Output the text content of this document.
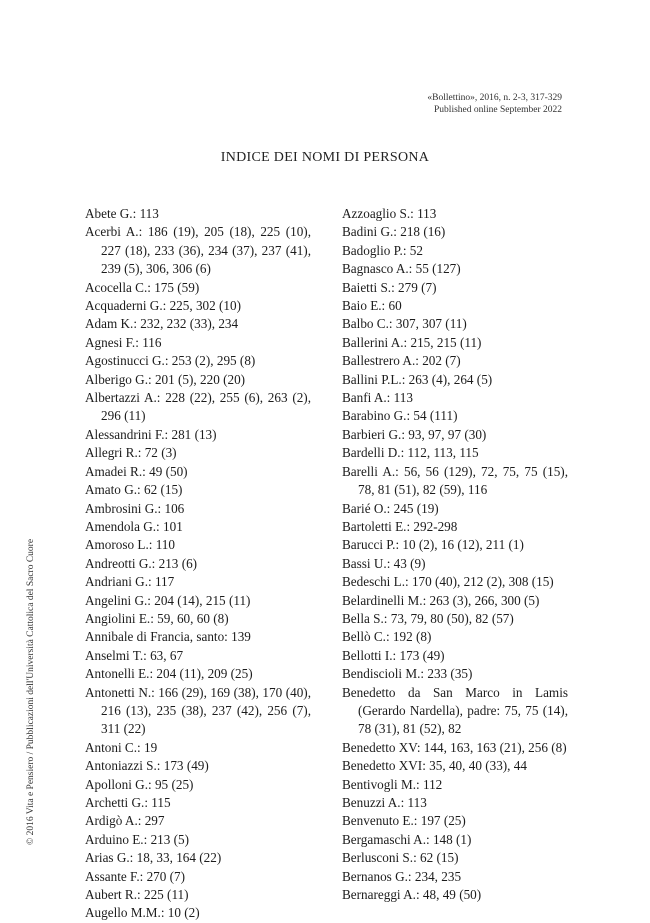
«Bollettino», 2016, n. 2-3, 317-329
Published online September 2022
INDICE DEI NOMI DI PERSONA
Abete G.: 113
Acerbi A.: 186 (19), 205 (18), 225 (10), 227 (18), 233 (36), 234 (37), 237 (41), 239 (5), 306, 306 (6)
Acocella C.: 175 (59)
Acquaderni G.: 225, 302 (10)
Adam K.: 232, 232 (33), 234
Agnesi F.: 116
Agostinucci G.: 253 (2), 295 (8)
Alberigo G.: 201 (5), 220 (20)
Albertazzi A.: 228 (22), 255 (6), 263 (2), 296 (11)
Alessandrini F.: 281 (13)
Allegri R.: 72 (3)
Amadei R.: 49 (50)
Amato G.: 62 (15)
Ambrosini G.: 106
Amendola G.: 101
Amoroso L.: 110
Andreotti G.: 213 (6)
Andriani G.: 117
Angelini G.: 204 (14), 215 (11)
Angiolini E.: 59, 60, 60 (8)
Annibale di Francia, santo: 139
Anselmi T.: 63, 67
Antonelli E.: 204 (11), 209 (25)
Antonetti N.: 166 (29), 169 (38), 170 (40), 216 (13), 235 (38), 237 (42), 256 (7), 311 (22)
Antoni C.: 19
Antoniazzi S.: 173 (49)
Apolloni G.: 95 (25)
Archetti G.: 115
Ardigò A.: 297
Arduino E.: 213 (5)
Arias G.: 18, 33, 164 (22)
Assante F.: 270 (7)
Aubert R.: 225 (11)
Augello M.M.: 10 (2)
Azzoaglio S.: 113
Badini G.: 218 (16)
Badoglio P.: 52
Bagnasco A.: 55 (127)
Baietti S.: 279 (7)
Baio E.: 60
Balbo C.: 307, 307 (11)
Ballerini A.: 215, 215 (11)
Ballestrero A.: 202 (7)
Ballini P.L.: 263 (4), 264 (5)
Banfi A.: 113
Barabino G.: 54 (111)
Barbieri G.: 93, 97, 97 (30)
Bardelli D.: 112, 113, 115
Barelli A.: 56, 56 (129), 72, 75, 75 (15), 78, 81 (51), 82 (59), 116
Barié O.: 245 (19)
Bartoletti E.: 292-298
Barucci P.: 10 (2), 16 (12), 211 (1)
Bassi U.: 43 (9)
Bedeschi L.: 170 (40), 212 (2), 308 (15)
Belardinelli M.: 263 (3), 266, 300 (5)
Bella S.: 73, 79, 80 (50), 82 (57)
Bellò C.: 192 (8)
Bellotti I.: 173 (49)
Bendiscioli M.: 233 (35)
Benedetto da San Marco in Lamis (Gerardo Nardella), padre: 75, 75 (14), 78 (31), 81 (52), 82
Benedetto XV: 144, 163, 163 (21), 256 (8)
Benedetto XVI: 35, 40, 40 (33), 44
Bentivogli M.: 112
Benuzzi A.: 113
Benvenuto E.: 197 (25)
Bergamaschi A.: 148 (1)
Berlusconi S.: 62 (15)
Bernanos G.: 234, 235
Bernareggi A.: 48, 49 (50)
© 2016 Vita e Pensiero / Pubblicazioni dell'Università Cattolica del Sacro Cuore
